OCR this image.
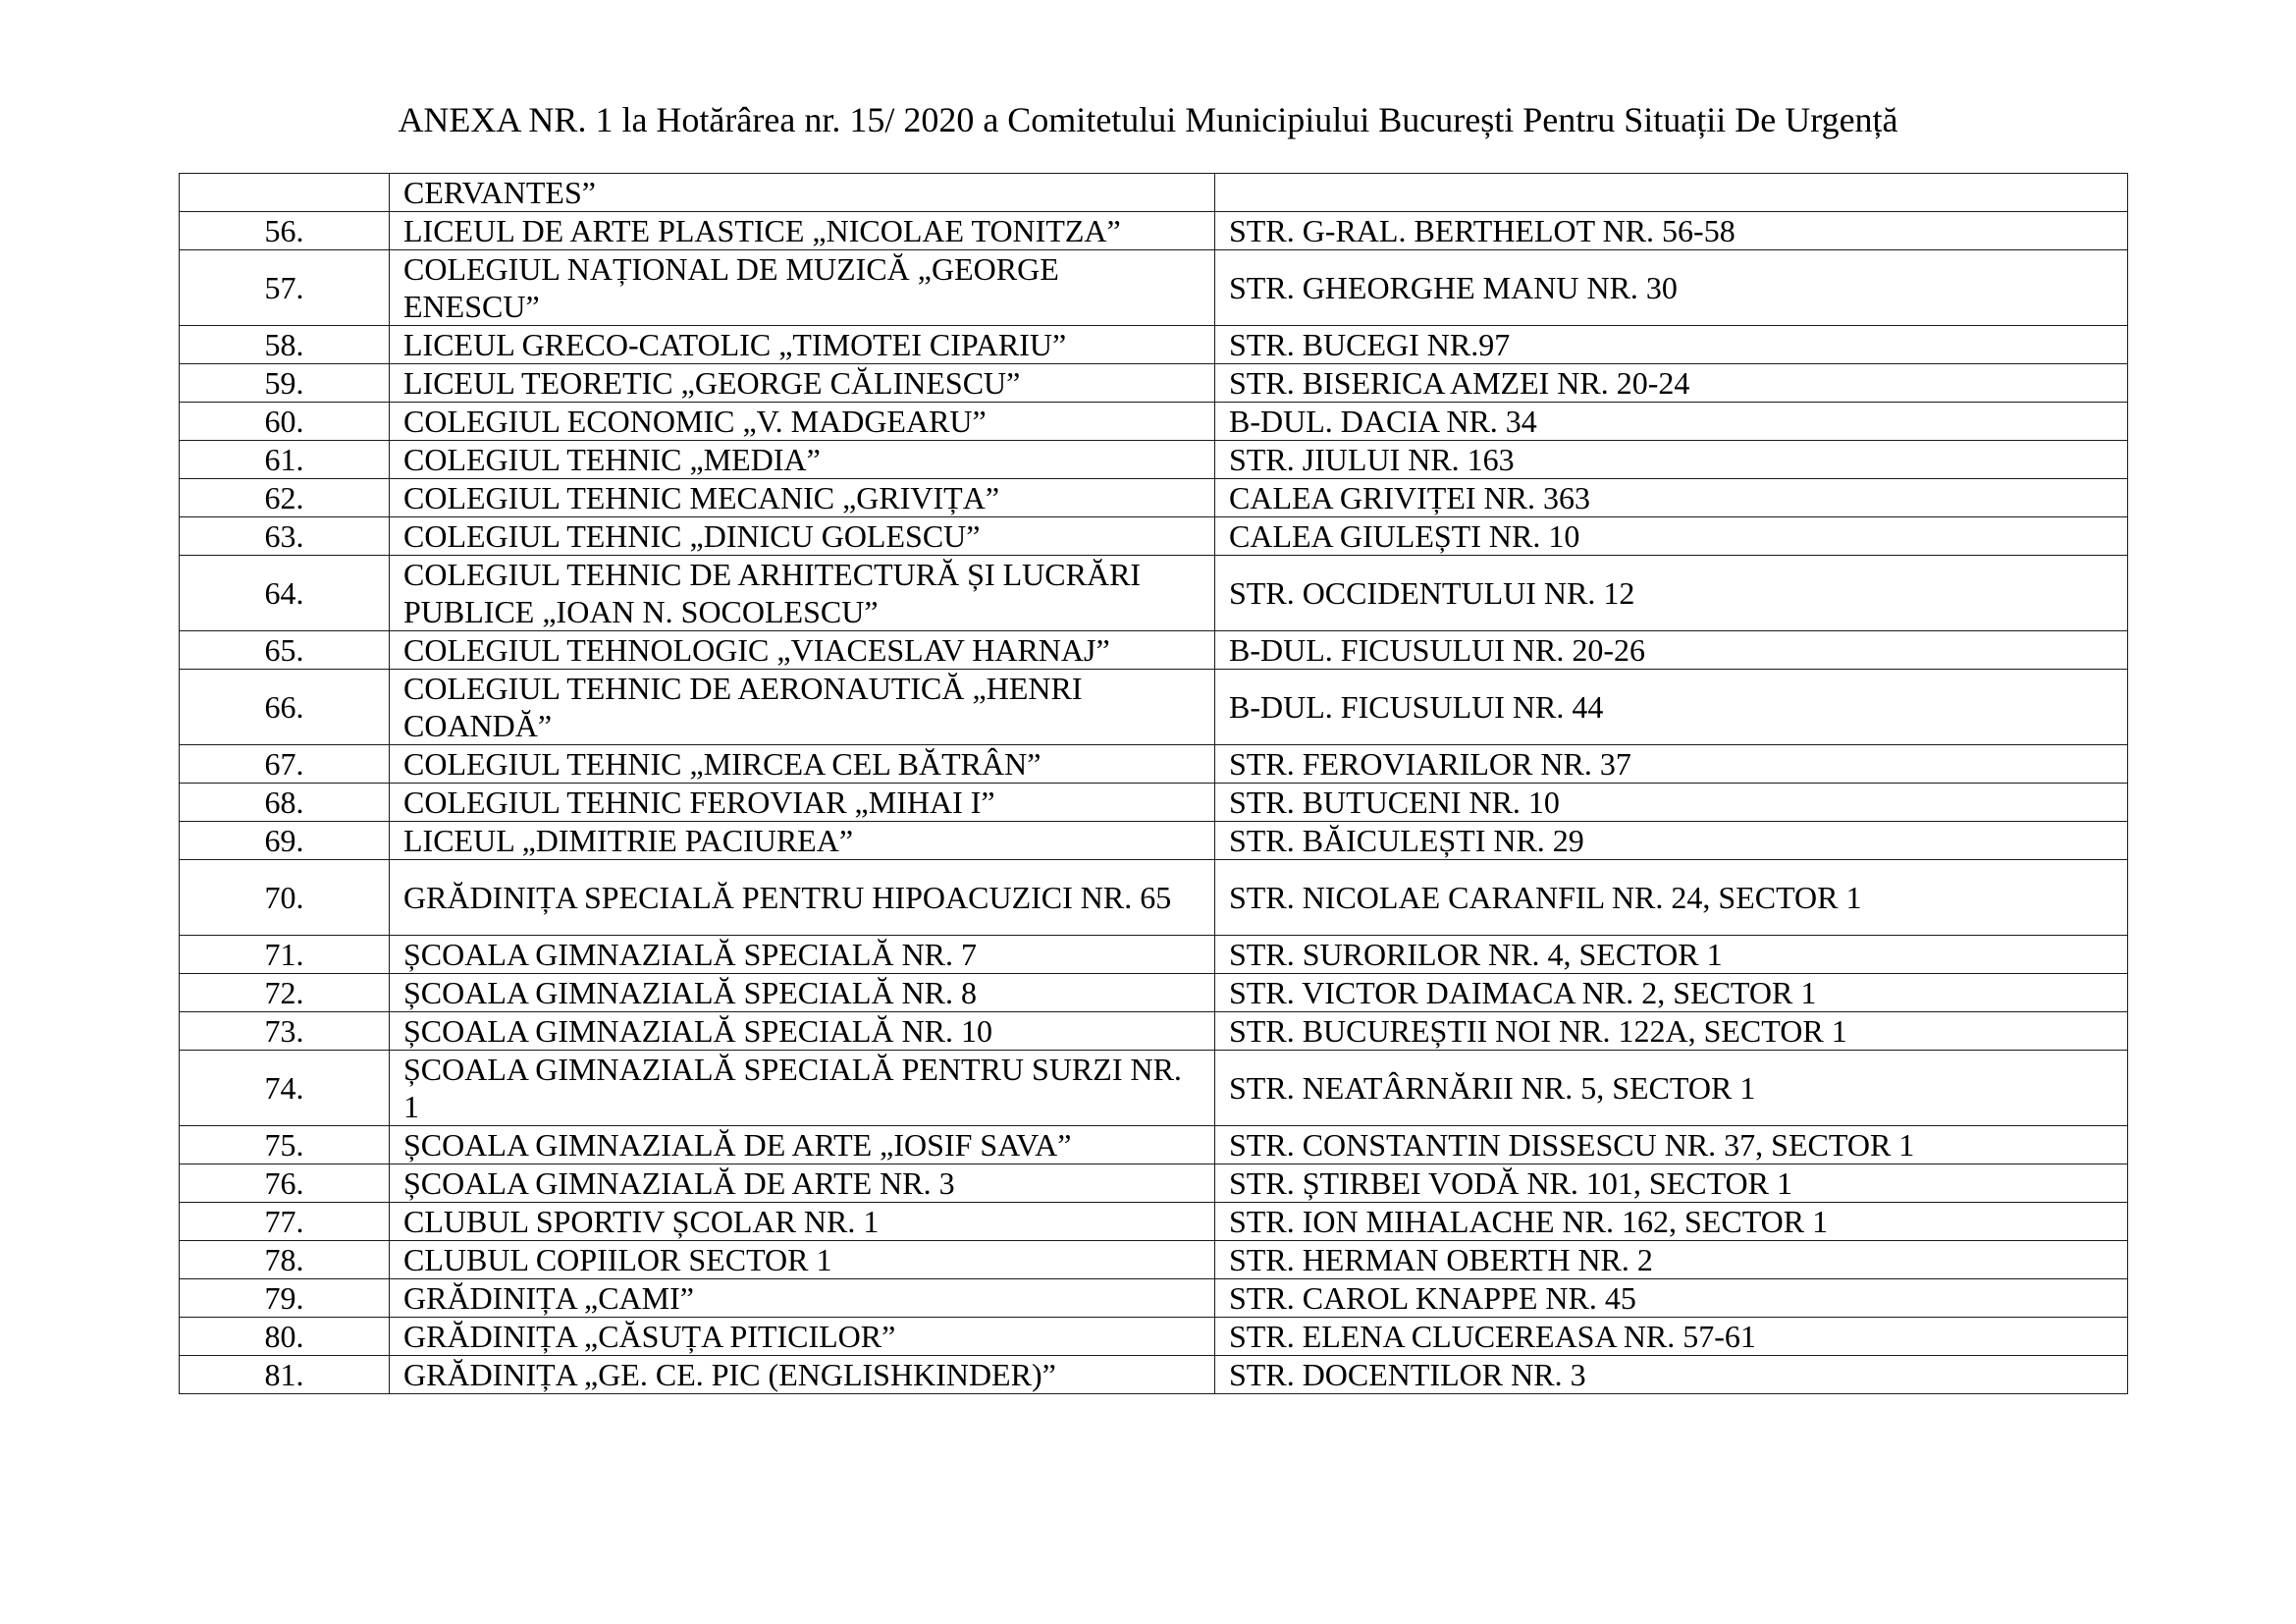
ANEXA NR. 1 la Hotărârea nr. 15/ 2020 a Comitetului Municipiului București Pentru Situații De Urgență
	CERVANTES”	
56.	LICEUL DE ARTE PLASTICE „NICOLAE TONITZA”	STR. G-RAL. BERTHELOT NR. 56-58
57.	COLEGIUL NAȚIONAL DE MUZICĂ „GEORGE ENESCU”	STR. GHEORGHE MANU NR. 30
58.	LICEUL GRECO-CATOLIC „TIMOTEI CIPARIU”	STR. BUCEGI NR.97
59.	LICEUL TEORETIC „GEORGE CĂLINESCU”	STR. BISERICA AMZEI NR. 20-24
60.	COLEGIUL ECONOMIC „V. MADGEARU”	B-DUL. DACIA NR. 34
61.	COLEGIUL TEHNIC „MEDIA”	STR. JIULUI NR. 163
62.	COLEGIUL TEHNIC MECANIC „GRIVIȚA”	CALEA GRIVIȚEI NR. 363
63.	COLEGIUL TEHNIC „DINICU GOLESCU”	CALEA GIULEȘTI NR. 10
64.	COLEGIUL TEHNIC DE ARHITECTURĂ ȘI LUCRĂRI PUBLICE „IOAN N. SOCOLESCU”	STR. OCCIDENTULUI NR. 12
65.	COLEGIUL TEHNOLOGIC „VIACESLAV HARNAJ”	B-DUL. FICUSULUI NR. 20-26
66.	COLEGIUL TEHNIC DE AERONAUTICĂ „HENRI COANDĂ”	B-DUL. FICUSULUI NR. 44
67.	COLEGIUL TEHNIC „MIRCEA CEL BĂTRÂN”	STR. FEROVIARILOR NR. 37
68.	COLEGIUL TEHNIC FEROVIAR „MIHAI I”	STR. BUTUCENI NR. 10
69.	LICEUL „DIMITRIE PACIUREA”	STR. BĂICULEȘTI NR. 29
70.	GRĂDINIȚA SPECIALĂ PENTRU HIPOACUZICI NR. 65	STR. NICOLAE CARANFIL NR. 24, SECTOR 1
71.	ȘCOALA GIMNAZIALĂ SPECIALĂ NR. 7	STR. SURORILOR NR. 4, SECTOR 1
72.	ȘCOALA GIMNAZIALĂ SPECIALĂ NR. 8	STR. VICTOR DAIMACA NR. 2, SECTOR 1
73.	ȘCOALA GIMNAZIALĂ SPECIALĂ NR. 10	STR. BUCUREȘTII NOI NR. 122A, SECTOR 1
74.	ȘCOALA GIMNAZIALĂ SPECIALĂ PENTRU SURZI NR. 1	STR. NEATÂRNĂRII NR. 5, SECTOR 1
75.	ȘCOALA GIMNAZIALĂ DE ARTE „IOSIF SAVA”	STR. CONSTANTIN DISSESCU NR. 37, SECTOR 1
76.	ȘCOALA GIMNAZIALĂ DE ARTE NR. 3	STR. ȘTIRBEI VODĂ NR. 101, SECTOR 1
77.	CLUBUL SPORTIV ȘCOLAR NR. 1	STR. ION MIHALACHE NR. 162, SECTOR 1
78.	CLUBUL COPIILOR SECTOR 1	STR. HERMAN OBERTH NR. 2
79.	GRĂDINIȚA „CAMI”	STR. CAROL KNAPPE NR. 45
80.	GRĂDINIȚA „CĂSUȚA PITICILOR”	STR. ELENA CLUCEREASA NR. 57-61
81.	GRĂDINIȚA „GE. CE. PIC (ENGLISHKINDER)”	STR. DOCENTILOR NR. 3
